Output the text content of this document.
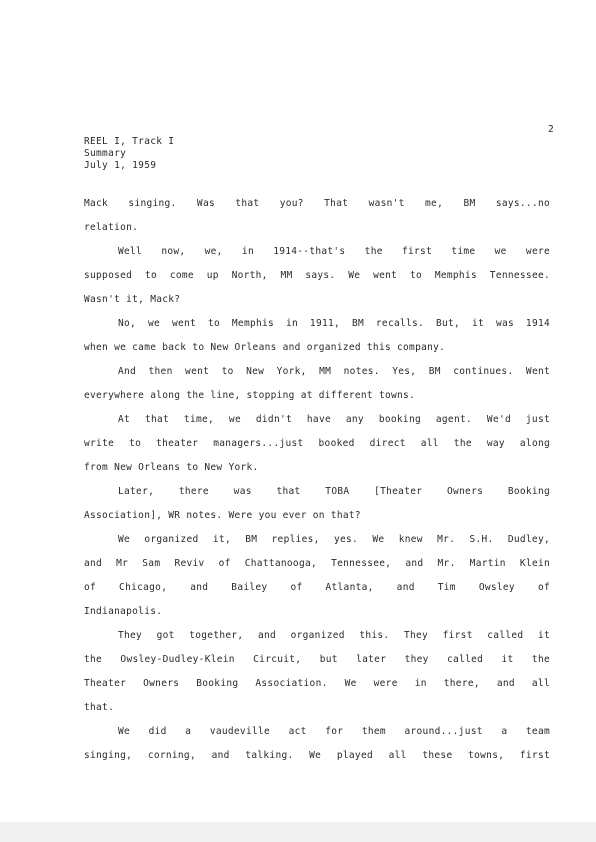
2

REEL I, Track I
Summary
July 1, 1959
Mack singing. Was that you? That wasn't me, BM says...no
relation.
Well now, we, in 1914--that's the first time we were
supposed to come up North, MM says. We went to Memphis Tennessee.
Wasn't it, Mack?
No, we went to Memphis in 1911, BM recalls. But, it was 1914
when we came back to New Orleans and organized this company.
And then went to New York, MM notes. Yes, BM continues. Went
everywhere along the line, stopping at different towns.
At that time, we didn't have any booking agent. We'd just
write to theater managers...just booked direct all the way along
from New Orleans to New York.
Later, there was that TOBA [Theater Owners Booking
Association], WR notes. Were you ever on that?
We organized it, BM replies, yes. We knew Mr. S.H. Dudley,
and Mr Sam Reviv of Chattanooga, Tennessee, and Mr. Martin Klein
of Chicago, and Bailey of Atlanta, and Tim Owsley of
Indianapolis.
They got together, and organized this. They first called it
the Owsley-Dudley-Klein Circuit, but later they called it the
Theater Owners Booking Association. We were in there, and all
that.
We did a vaudeville act for them around...just a team
singing, corning, and talking. We played all these towns, first
